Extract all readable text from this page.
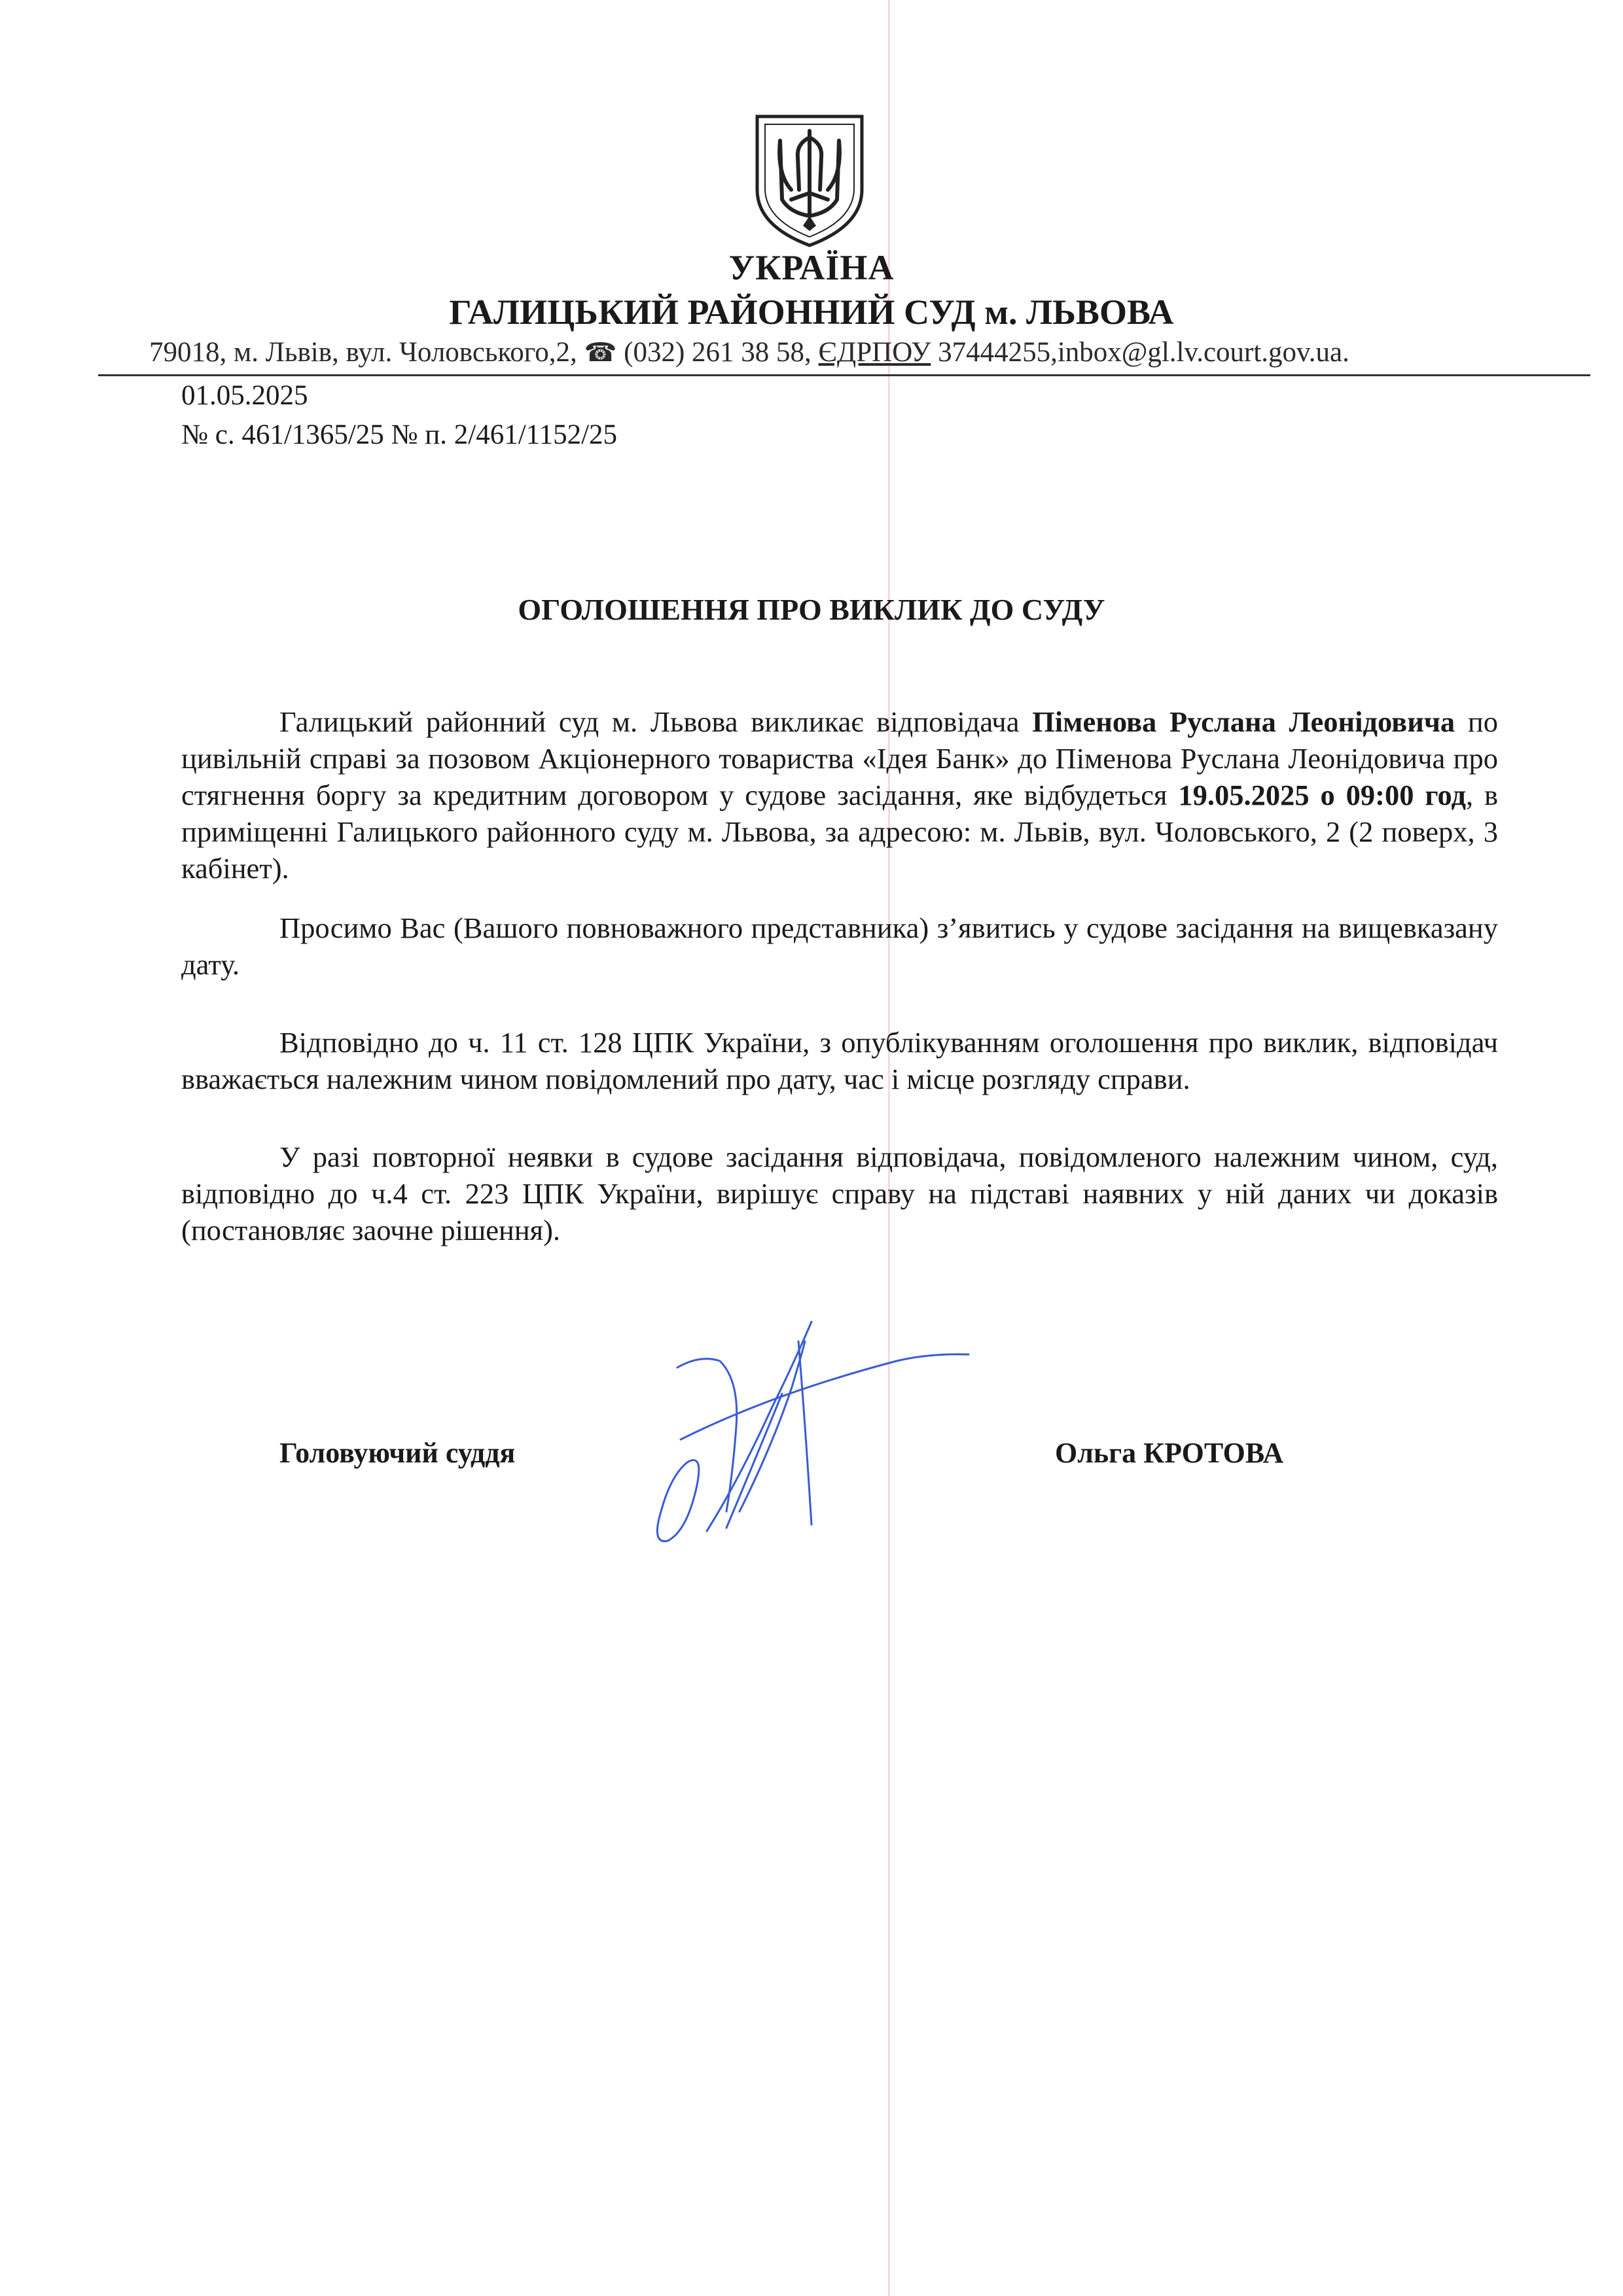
УКРАЇНА
ГАЛИЦЬКИЙ РАЙОННИЙ СУД м. ЛЬВОВА
79018, м. Львів, вул. Чоловського,2, ☎ (032) 261 38 58, ЄДРПОУ 37444255,inbox@gl.lv.court.gov.ua.
01.05.2025
№ с. 461/1365/25 № п. 2/461/1152/25
ОГОЛОШЕННЯ ПРО ВИКЛИК ДО СУДУ

Галицький районний суд м. Львова викликає відповідача Піменова Руслана Леонідовича по цивільній справі за позовом Акціонерного товариства «Ідея Банк» до Піменова Руслана Леонідовича про стягнення боргу за кредитним договором у судове засідання, яке відбудеться 19.05.2025 о 09:00 год, в приміщенні Галицького районного суду м. Львова, за адресою: м. Львів, вул. Чоловського, 2 (2 поверх, 3 кабінет).

Просимо Вас (Вашого повноважного представника) з’явитись у судове засідання на вищевказану дату.

Відповідно до ч. 11 ст. 128 ЦПК України, з опублікуванням оголошення про виклик, відповідач вважається належним чином повідомлений про дату, час і місце розгляду справи.

У разі повторної неявки в судове засідання відповідача, повідомленого належним чином, суд, відповідно до ч.4 ст. 223 ЦПК України, вирішує справу на підставі наявних у ній даних чи доказів (постановляє заочне рішення).

Головуючий суддя	Ольга КРОТОВА
